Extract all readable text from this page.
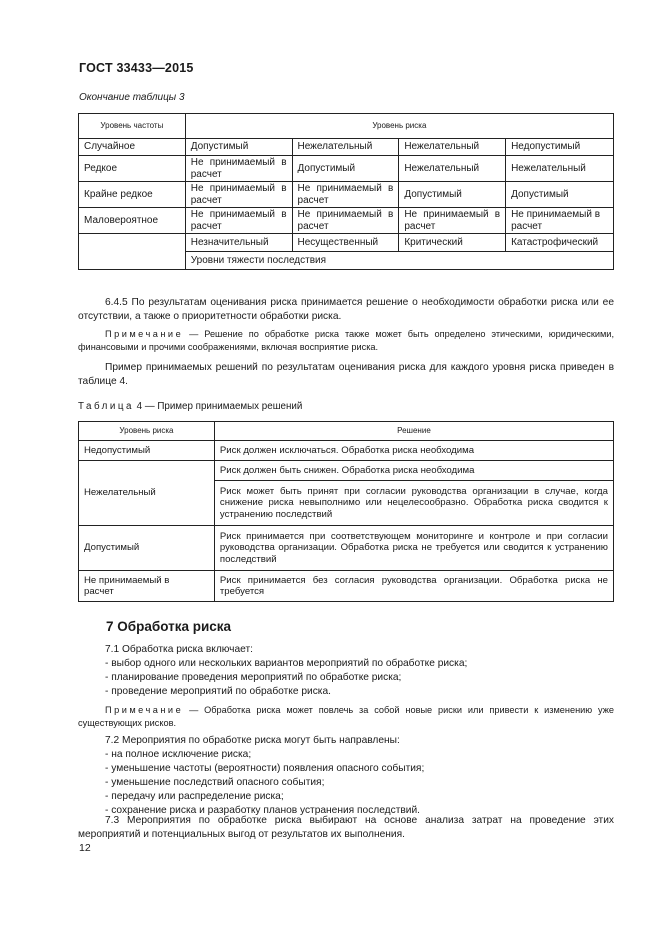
ГОСТ 33433—2015
Окончание таблицы 3
Уровень частоты	Уровень риска			
Случайное	Допустимый	Нежелательный	Нежелательный	Недопустимый
Редкое	Не принимаемый в расчет	Допустимый	Нежелательный	Нежелательный
Крайне редкое	Не принимаемый в расчет	Не принимаемый в расчет	Допустимый	Допустимый
Маловероятное	Не принимаемый в расчет	Не принимаемый в расчет	Не принимаемый в расчет	Не принимаемый в расчет
	Незначительный	Несущественный	Критический	Катастрофический
	Уровни тяжести последствия			
6.4.5 По результатам оценивания риска принимается решение о необходимости обработки риска или ее отсутствии, а также о приоритетности обработки риска.
Примечание — Решение по обработке риска также может быть определено этическими, юридическими, финансовыми и прочими соображениями, включая восприятие риска.
Пример принимаемых решений по результатам оценивания риска для каждого уровня риска приведен в таблице 4.
Таблица 4 — Пример принимаемых решений
Уровень риска	Решение
Недопустимый	Риск должен исключаться. Обработка риска необходима
Нежелательный	Риск должен быть снижен. Обработка риска необходима
	Риск может быть принят при согласии руководства организации в случае, когда снижение риска невыполнимо или нецелесообразно. Обработка риска сводится к устранению последствий
Допустимый	Риск принимается при соответствующем мониторинге и контроле и при согласии руководства организации. Обработка риска не требуется или сводится к устранению последствий
Не принимаемый в расчет	Риск принимается без согласия руководства организации. Обработка риска не требуется
7 Обработка риска
7.1 Обработка риска включает:
- выбор одного или нескольких вариантов мероприятий по обработке риска;
- планирование проведения мероприятий по обработке риска;
- проведение мероприятий по обработке риска.
Примечание — Обработка риска может повлечь за собой новые риски или привести к изменению уже существующих рисков.
7.2 Мероприятия по обработке риска могут быть направлены:
- на полное исключение риска;
- уменьшение частоты (вероятности) появления опасного события;
- уменьшение последствий опасного события;
- передачу или распределение риска;
- сохранение риска и разработку планов устранения последствий.
7.3 Мероприятия по обработке риска выбирают на основе анализа затрат на проведение этих мероприятий и потенциальных выгод от результатов их выполнения.
12
